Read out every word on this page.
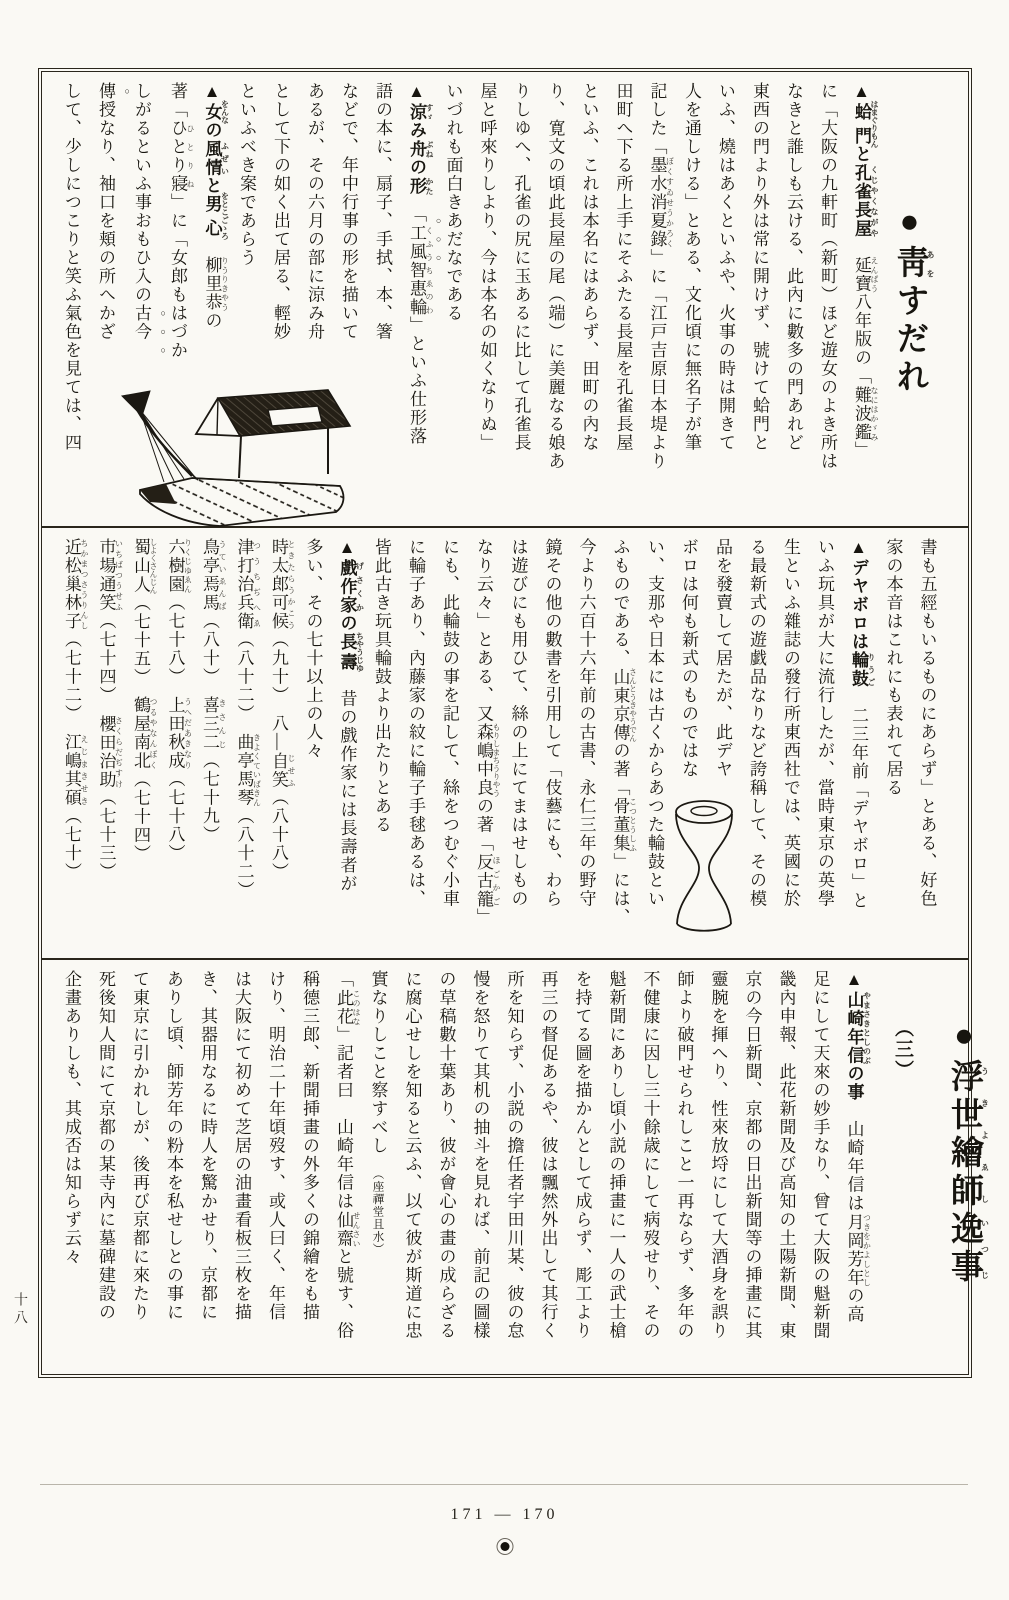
●靑あをすだれ
▲蛤門 はまぐりもんと孔雀長屋 くじやくながや　延寶 えんぱう八年版の「難波鑑 なにはかゞみ」
に「大阪の九軒町（新町）ほど遊女のよき所は
なきと誰しも云ける、此內に數多の門あれど
東西の門より外は常に開けず、號けて蛤門と
いふ、燒はあくといふや、火事の時は開きて
人を通しける」とある、文化頃に無名子が筆
記した「墨水消夏錄 ぼくすゐせうかろく」に「江戸吉原日本堤より
田町へ下る所上手にそふたる長屋を孔雀長屋
といふ、これは本名にはあらず、田町の內な
り、寛文の頃此長屋の尾（端）に美麗なる娘あ
りしゆへ、孔雀の尻に玉あるに比して孔雀長
屋と呼來りしより、今は本名の如くなりぬ」
いづれも面白きあだなである
▲涼 すゞみ舟 ぶねの形 かた　「工風智惠輪 くふうちゑのわ」といふ仕形落
語の本に、扇子、手拭、本、箸
などで、年中行事の形を描いて
あるが、その六月の部に涼み舟
として下の如く出て居る、輕妙
といふべき案であらう
▲女 をんなの風情 ふぜいと男心 をとこごゝろ　柳里恭 りうりきやうの
著「ひとり寢 ひとりね」に「女郎もはづか
しがるといふ事おもひ入の古今
傳授なり、袖口を頬の所へかざ
して、少しにつこりと笑ふ氣色を見ては、四
書も五經もいるものにあらず」とある、好色
家の本音はこれにも表れて居る
▲デヤボロは輪鼓 りうご　二三年前「デヤボロ」と
いふ玩具が大に流行したが、當時東京の英學
生といふ雜誌の發行所東西社では、英國に於
る最新式の遊戯品なりなど誇稱して、その模
品を發賣して居たが、此デヤ
ボロは何も新式のものではな
い、支那や日本には古くからあつた輪鼓とい
ふものである、山東京傳 さんとうきやうでんの著「骨董集 こつとうしふ」には、
今より六百十六年前の古書、永仁三年の野守
鏡その他の數書を引用して「伎藝にも、わら
は遊びにも用ひて、絲の上にてまはせしもの
なり云々」とある、又森嶋中良 もりしまちうりやうの著「反古籠 ほごかご」
にも、此輪鼓の事を記して、絲をつむぐ小車
に輪子あり、內藤家の紋に輪子手毬あるは、
皆此古き玩具輪鼓より出たりとある
▲戲作家 げさくかの長壽 ちやうじゆ　昔の戲作家には長壽者が
多い、その七十以上の人々
時太郎可候 ときたらうかこう（九十）　八―自笑 じせふ（八十八）
津打治兵衛 つうちぢへゑ（八十二）　曲亭馬琴 きよくていばきん（八十二）
鳥亭焉馬 うていゑんば（八十）　喜三二 きさんじ（七十九）
六樹園 りくじゆゑん（七十八）　上田秋成 うへだあきなり（七十八）
蜀山人 しよくさんじん（七十五）　鶴屋南北 つるやなんぼく（七十四）
市場通笑 いちばつうせふ（七十四）　櫻田治助 さくらだぢすけ（七十三）
近松巢林子 ちかまつさうりんし（七十二）　江嶋其碩 えじまきせき（七十）
●浮世繪師うきよゑし逸事いつじ　（三）
▲山崎年信 やまさきとしのぶの事　山崎年信は月岡芳年 つきをかよしとしの高
足にして天來の妙手なり、曾て大阪の魁新聞
畿內申報、此花新聞及び高知の土陽新聞、東
京の今日新聞、京都の日出新聞等の挿畫に其
靈腕を揮へり、性來放埒にして大酒身を誤り
師より破門せられしこと一再ならず、多年の
不健康に因し三十餘歳にして病歿せり、その
魁新聞にありし頃小説の挿畫に一人の武士槍
を持てる圖を描かんとして成らず、彫工より
再三の督促あるや、彼は飄然外出して其行く
所を知らず、小説の擔任者宇田川某、彼の怠
慢を怒りて其机の抽斗を見れば、前記の圖樣
の草稿數十葉あり、彼が會心の畫の成らざる
に腐心せしを知ると云ふ、以て彼が斯道に忠
實なりしこと察すべし　（座禪堂且水）
「此花 このはな」記者曰　山崎年信は仙齋 せんさいと號す、俗
稱德三郎、新聞挿畫の外多くの錦繪をも描
けり、明治二十年頃歿す、或人曰く、年信
は大阪にて初めて芝居の油畫看板三枚を描
き、其器用なるに時人を驚かせり、京都に
ありし頃、師芳年の粉本を私せしとの事に
て東京に引かれしが、後再び京都に來たり
死後知人間にて京都の某寺內に墓碑建設の
企畫ありしも、其成否は知らず云々
十八
171 — 170
